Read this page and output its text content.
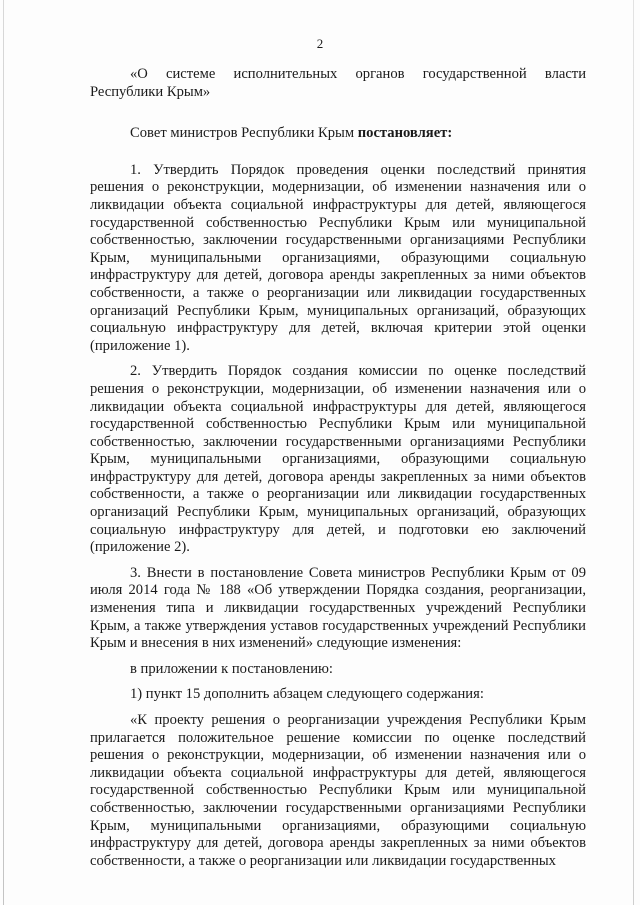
2

«О системе исполнительных органов государственной власти Республики Крым»

Совет министров Республики Крым постановляет:

1. Утвердить Порядок проведения оценки последствий принятия решения о реконструкции, модернизации, об изменении назначения или о ликвидации объекта социальной инфраструктуры для детей, являющегося государственной собственностью Республики Крым или муниципальной собственностью, заключении государственными организациями Республики Крым, муниципальными организациями, образующими социальную инфраструктуру для детей, договора аренды закрепленных за ними объектов собственности, а также о реорганизации или ликвидации государственных организаций Республики Крым, муниципальных организаций, образующих социальную инфраструктуру для детей, включая критерии этой оценки (приложение 1).

2. Утвердить Порядок создания комиссии по оценке последствий решения о реконструкции, модернизации, об изменении назначения или о ликвидации объекта социальной инфраструктуры для детей, являющегося государственной собственностью Республики Крым или муниципальной собственностью, заключении государственными организациями Республики Крым, муниципальными организациями, образующими социальную инфраструктуру для детей, договора аренды закрепленных за ними объектов собственности, а также о реорганизации или ликвидации государственных организаций Республики Крым, муниципальных организаций, образующих социальную инфраструктуру для детей, и подготовки ею заключений (приложение 2).

3. Внести в постановление Совета министров Республики Крым от 09 июля 2014 года № 188 «Об утверждении Порядка создания, реорганизации, изменения типа и ликвидации государственных учреждений Республики Крым, а также утверждения уставов государственных учреждений Республики Крым и внесения в них изменений» следующие изменения:

в приложении к постановлению:

1) пункт 15 дополнить абзацем следующего содержания:

«К проекту решения о реорганизации учреждения Республики Крым прилагается положительное решение комиссии по оценке последствий решения о реконструкции, модернизации, об изменении назначения или о ликвидации объекта социальной инфраструктуры для детей, являющегося государственной собственностью Республики Крым или муниципальной собственностью, заключении государственными организациями Республики Крым, муниципальными организациями, образующими социальную инфраструктуру для детей, договора аренды закрепленных за ними объектов собственности, а также о реорганизации или ликвидации государственных
